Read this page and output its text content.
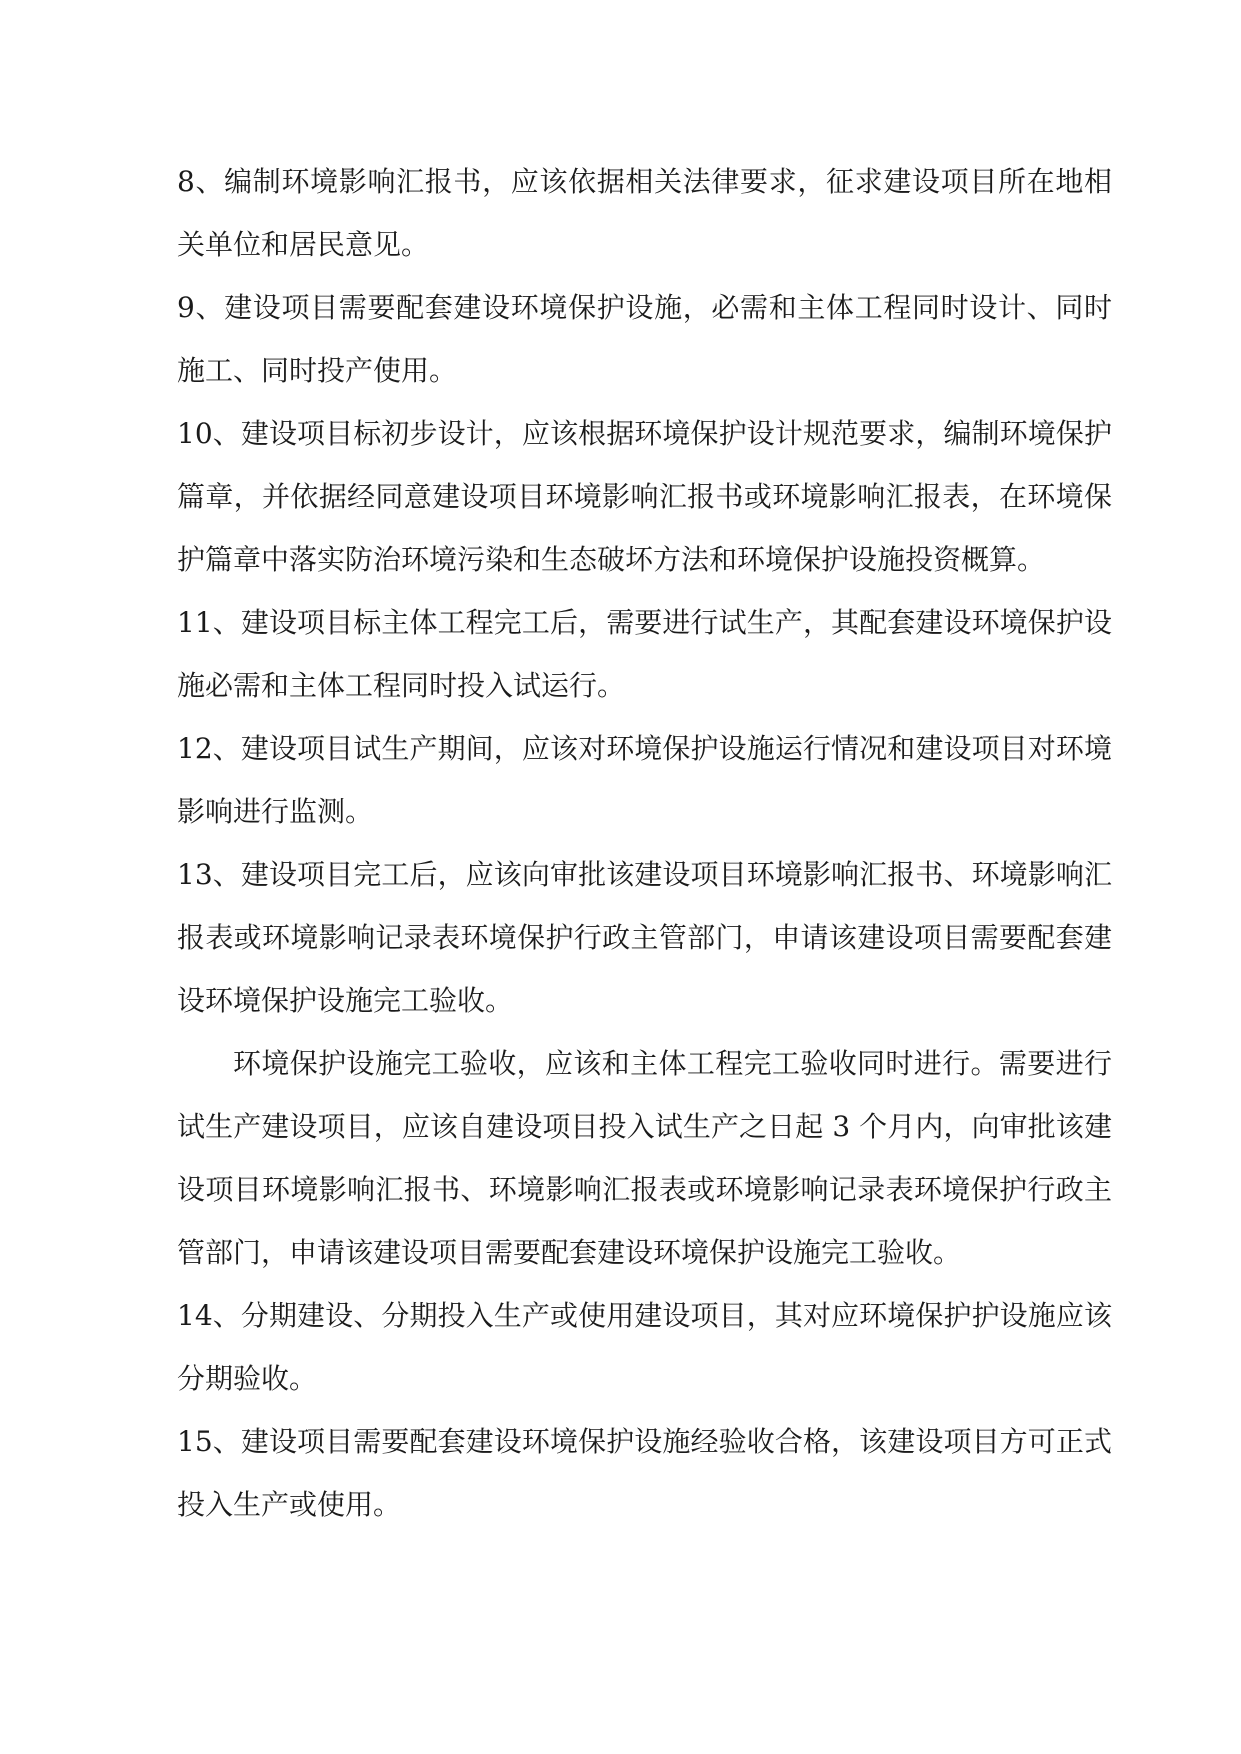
8、编制环境影响汇报书，应该依据相关法律要求，征求建设项目所在地相关单位和居民意见。

9、建设项目需要配套建设环境保护设施，必需和主体工程同时设计、同时施工、同时投产使用。

10、建设项目标初步设计，应该根据环境保护设计规范要求，编制环境保护篇章，并依据经同意建设项目环境影响汇报书或环境影响汇报表，在环境保护篇章中落实防治环境污染和生态破坏方法和环境保护设施投资概算。

11、建设项目标主体工程完工后，需要进行试生产，其配套建设环境保护设施必需和主体工程同时投入试运行。

12、建设项目试生产期间，应该对环境保护设施运行情况和建设项目对环境影响进行监测。

13、建设项目完工后，应该向审批该建设项目环境影响汇报书、环境影响汇报表或环境影响记录表环境保护行政主管部门，申请该建设项目需要配套建设环境保护设施完工验收。

环境保护设施完工验收，应该和主体工程完工验收同时进行。需要进行试生产建设项目，应该自建设项目投入试生产之日起 3 个月内，向审批该建设项目环境影响汇报书、环境影响汇报表或环境影响记录表环境保护行政主管部门，申请该建设项目需要配套建设环境保护设施完工验收。

14、分期建设、分期投入生产或使用建设项目，其对应环境保护护设施应该分期验收。

15、建设项目需要配套建设环境保护设施经验收合格，该建设项目方可正式投入生产或使用。
